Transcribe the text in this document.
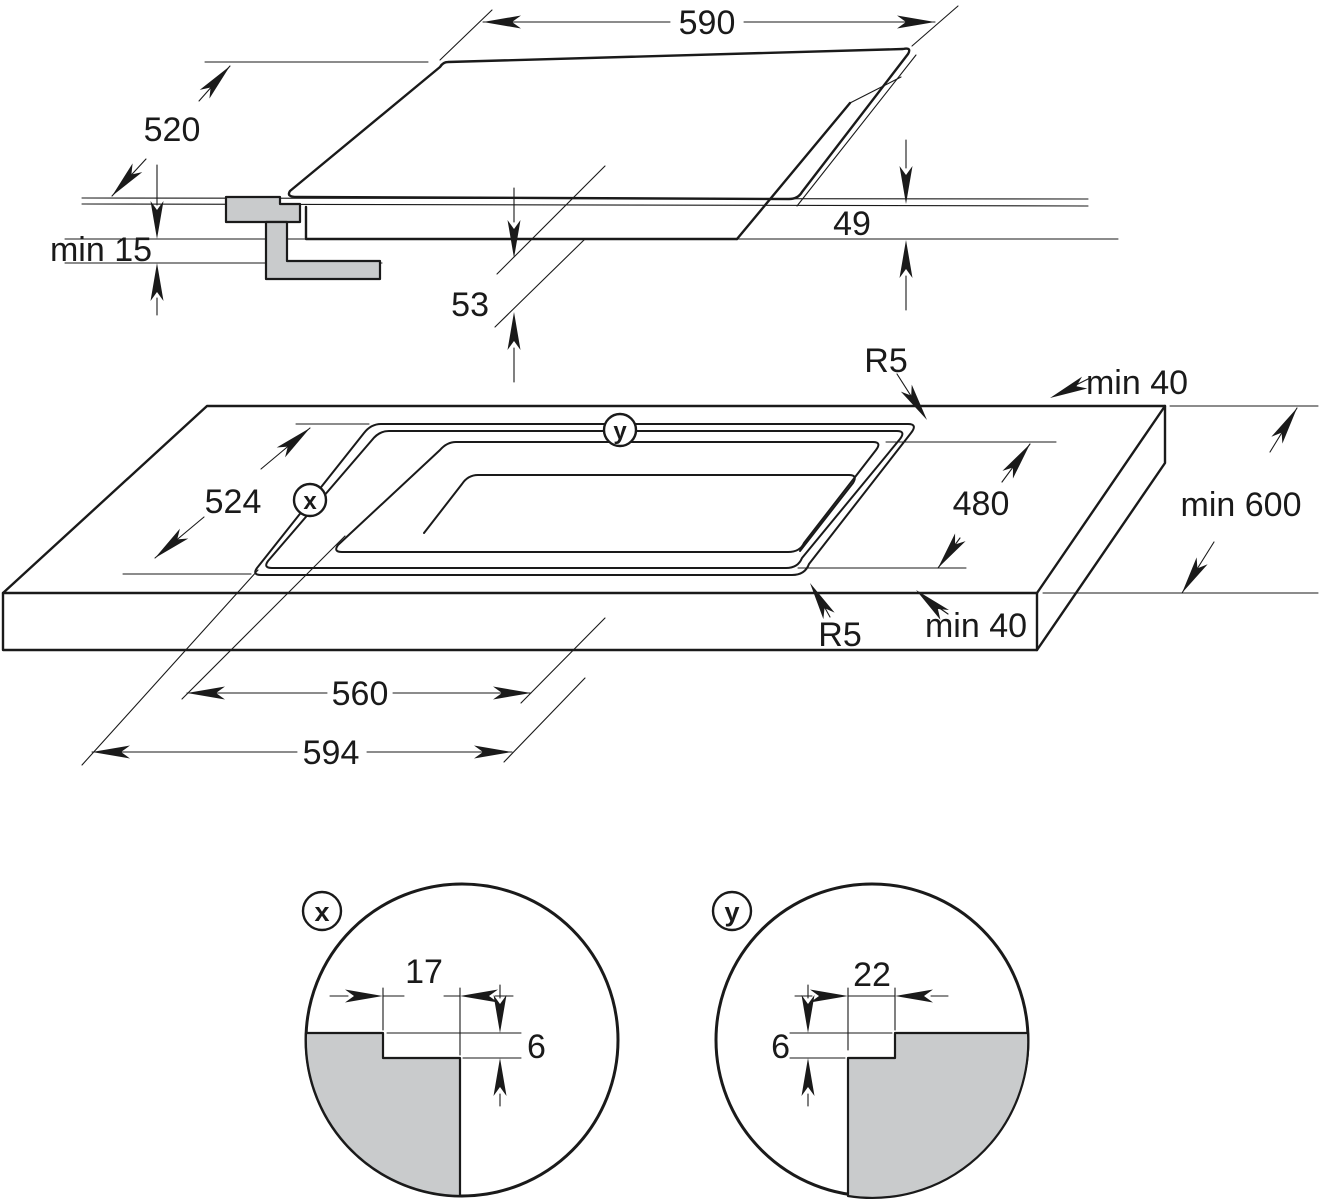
590
520
min 15
53
49
524
R5
R5
min 40
min 40
480	min 600
560
594
x
y
x
17
6
y
22
6
